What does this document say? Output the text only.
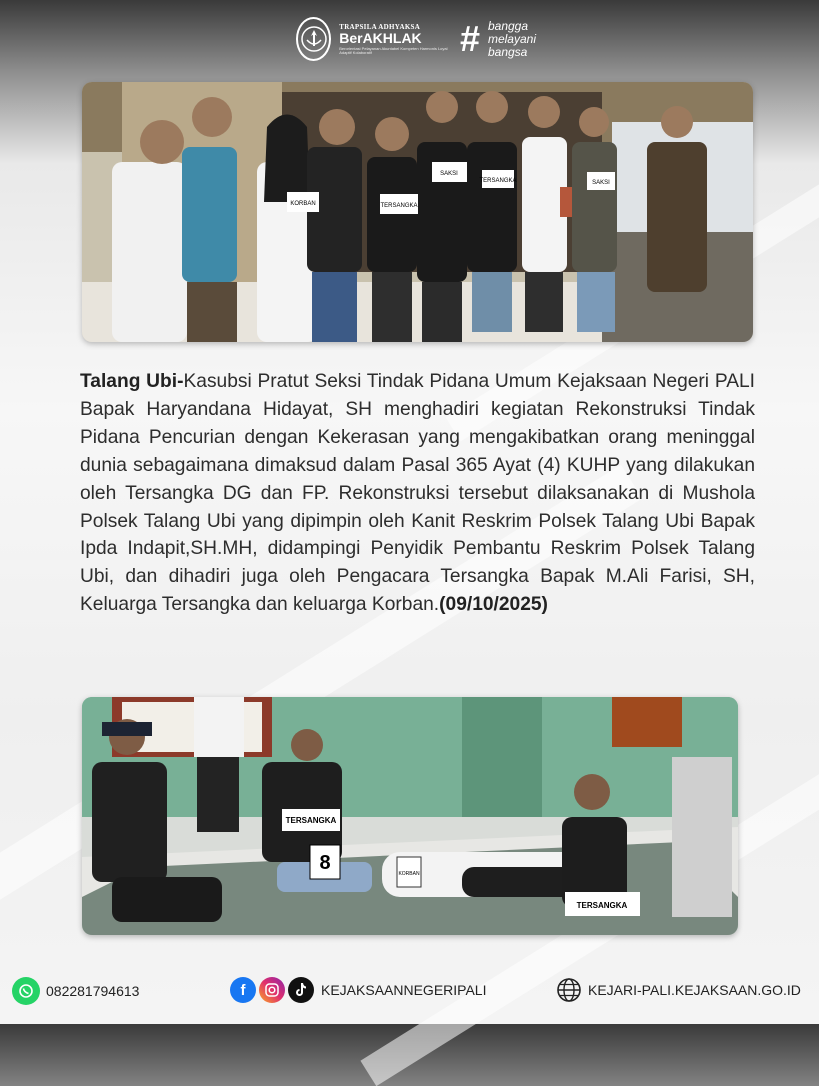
TRAPSILA ADHYAKSA
BerAKHLAK
Berorientasi Pelayanan Akuntabel Kompeten Harmonis Loyal Adaptif Kolaboratif	# bangga
melayani
bangsa
KORBAN	TERSANGKA
SAKSI
TERSANGKA	SAKSI
Talang Ubi-Kasubsi Pratut Seksi Tindak Pidana Umum Kejaksaan Negeri PALI Bapak Haryandana Hidayat, SH menghadiri kegiatan Rekonstruksi Tindak Pidana Pencurian dengan Kekerasan yang mengakibatkan orang meninggal dunia sebagaimana dimaksud dalam Pasal 365 Ayat (4) KUHP yang dilakukan oleh Tersangka DG dan FP. Rekonstruksi tersebut dilaksanakan di Mushola Polsek Talang Ubi yang dipimpin oleh Kanit Reskrim Polsek Talang Ubi Bapak Ipda Indapit,SH.MH, didampingi Penyidik Pembantu Reskrim Polsek Talang Ubi, dan dihadiri juga oleh Pengacara Tersangka Bapak M.Ali Farisi, SH, Keluarga Tersangka dan keluarga Korban.(09/10/2025)
TERSANGKA
8	KORBAN
TERSANGKA
082281794613	f	KEJAKSAANNEGERIPALI	KEJARI-PALI.KEJAKSAAN.GO.ID
